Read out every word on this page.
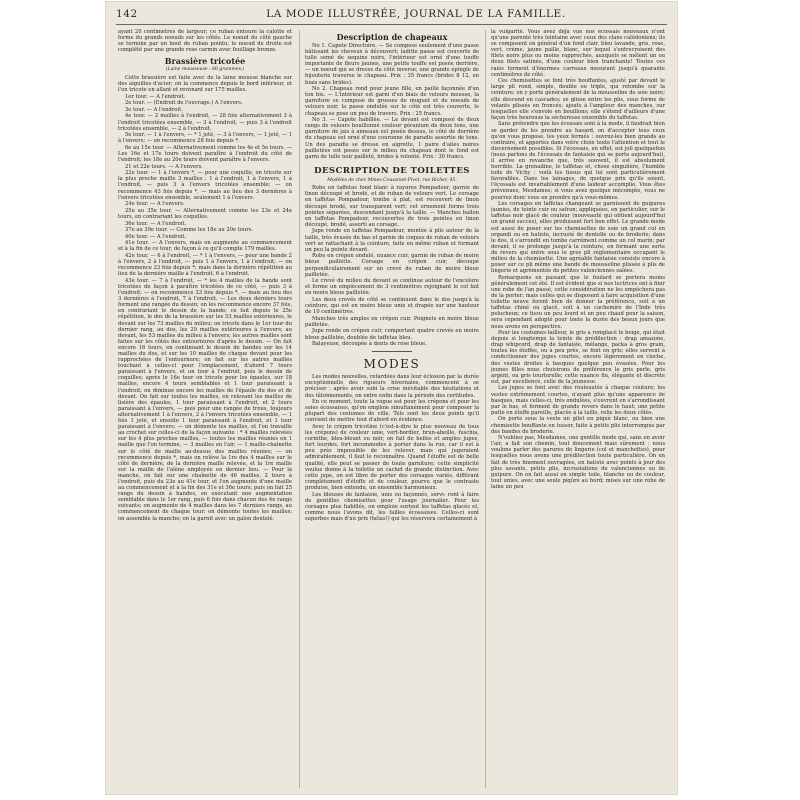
142	LA MODE ILLUSTRÉE, JOURNAL DE LA FAMILLE.

ayant 20 centimètres de largeur; ce ruban entoure la calotte et forme du grands noeuds sur les côtés. Le noeud du côté gauche se termine par un bout de ruban pointu; le noeud de droite est complété par une grande rose carmin avec feuillage bronze.

Brassière tricotée
(Laine mousseuse : 80 grammes.)

Cette brassière est faite avec de la laine mousse blanche sur des aiguilles d'acier; on la commence depuis le bord inférieur, et l'on tricote en allant et revenant sur 175 mailles.

1er tour. — A l'endroit.

2e tour. — (Endroit de l'ouvrage.) A l'envers.

3e tour. — A l'endroit.

4e tour. — 2 mailles à l'endroit, — 28 fois alternativement 3 à l'endroit tricotées ensemble, — 3 à l'endroit, — puis 3 à l'endroit tricotées ensemble, — 2 à l'endroit.

5e tour. — 1 à l'envers, — * 1 jeté, — 3 à l'envers, — 1 jeté, — 1 à l'envers; — on recommence 28 fois depuis *.

6e au 15e tour. — Alternativement comme les 4e et 5e tours. — Les 16e et 17e tours doivent paraître à l'endroit du côté de l'endroit; les 18e au 20e tours doivent paraître à l'envers.

21 et 22e tours. — A l'envers.

22e tour. — 1 à l'envers *, — pour une coquille, on tricote sur la plus proche maille 3 mailles : 1 à l'endroit, 1 à l'envers, 1 à l'endroit, — puis 3 à l'envers tricotées ensemble; — on recommence 43 fois depuis *, — mais au lieu des 3 dernières à l'envers tricotées ensemble, seulement 1 à l'envers.

24e tour. — A l'envers.

25e au 35e tour. — Alternativement comme les 23e et 24e tours, en contrariant les coquilles.

36e tour. — A l'endroit.

37e au 39e tour. — Comme les 18e au 20e tours.

40e tour. — A l'endroit.

41e tour. — A l'envers, mais on augmente au commencement et à la fin de ce tour, de façon à ce qu'il compte 179 mailles.

42e tour. — 6 à l'endroit, — * 1 à l'envers, — pour une bande 2 à l'envers, 2 à l'endroit, — puis 1 à l'envers, 1 à l'endroit; — on recommence 23 fois depuis *; mais dans la dernière répétition au lieu de la dernière maille à l'endroit, 6 à l'endroit.

43e tour. — 7 à l'endroit, — * les 4 mailles de la bande sont tricotées de façon à paraître tricotées de ce côté, — puis 3 à l'endroit; — on recommence 23 fois depuis *, — mais au lieu des 3 dernières à l'endroit, 7 à l'endroit. — Les deux derniers tours forment une rangée du dessin; on les recommence encore 37 fois, en contrariant le dessin de la bande; ce fait depuis le 25e répétition, le dos de la brassière sur les 53 mailles extérieures, le devant sur les 73 mailles du milieu; on tricote dans le 1er tour du dernier rang, au dos, les 29 mailles extérieures à l'envers; au devant, les 53 mailles du milieu à l'envers; les autres mailles sont faites sur les côtés des entournures d'après le dessin. — On fait encore 16 tours, en continuant le dessin de bandes sur les 14 mailles du dos, et sur les 10 mailles de chaque devant pour les rapprochées de l'entournure; on fait sur les autres mailles touchant à celles-ci pour l'emplacement, d'abord 7 tours paraissant à l'envers, et un tour à l'endroit, puis le dessin de coquilles; après le 16e tour on tricote pour les épaules, sur 18 mailles, encore 4 tours semblables et 1 tour paraissant à l'endroit; on diminue encore les mailles de l'épaule du dos et de devant. On fait sur toutes les mailles, en relevant les mailles de lisière des épaules, 1 tour paraissant à l'endroit, et 2 tours paraissant à l'envers, — puis pour une rangée de trous, toujours alternativement 1 à l'envers, 2 à l'envers tricotées ensemble, — 1 fois 1 jeté, et ensuite 1 tour paraissant à l'endroit, et 1 tour paraissant à l'envers; — on démonte les mailles, et l'on travaille au crochet sur celles-ci de la façon suivante : * 4 mailles relevées sur les 4 plus proches mailles, — toutes les mailles réunies en 1 maille que l'on termine, — 3 mailles en l'air, — 1 maille-chaînette sur le côté de maille au-dessus des mailles réunies; — on recommence depuis *, mais on relève la 1re des 4 mailles sur le côté de dernière, de la dernière maille relevée, et la 1re maille sur la maille de l'alène employée en dernier lieu. — Pour la manche, on fait sur une chaînette de 46 mailles, 2 tours à l'endroit, puis du 23e au 41e tour, et l'on augmente d'une maille au commencement et à la fin des 31e et 36e tours; puis on fait 25 rangs du dessin à bandes, en exécutant une augmentation semblable dans le 1er rang, puis 6 fois dans chacun des 4e rangs suivants; on augmente de 4 mailles dans les 7 derniers rangs, au commencement de chaque tour; on démonte toutes les mailles; on assemble la manche; on la garnit avec un galon dentelé.

Description de chapeaux

No 1. Capote Directoire. — Se compose seulement d'une passe bâtissant les cheveux à découvert; laditte passe est couverte de tulle semé de sequins noirs, l'intérieur est orné d'une touffe importante de fleurs jaunes, une petite touffe est posée derrière, — un noeud qui se dresse du côté inverse; une grande épingle de bijouterie traverse le chapeau. Prix : 35 francs (brides 8 12, en biais sans brides).

No 2. Chapeau rond pour jeune fille, en paille façonnée d'un ton bis. — L'intérieur est garni d'un biais de velours mousse, la garniture se compose de grosses de muguet et de noeuds de velours noir, la passe ondulée sur le côté est très couverte, le chapeau se pose un peu de travers. Prix : 25 francs.

No 3. — Capote habillée. — Le devant est composé de deux rangs de velours bouillonné couleur géranium de deux tons, une garniture de jais à anneaux est posée dessus, le côté de derrière du chapeau est orné d'une couronne de paradis assortie de tons. Un des paradis se dresse en aigrette, 1 paire d'ailes noires pailletées est posée sur le milieu du chapeau dont le fond est garni de tulle noir pailleté, brides à volonté. Prix : 30 francs.

DESCRIPTION DE TOILETTES
Modèles de chez Mmes Coussinet-Pivot, rue Richer, 45.

Robe en taffetas fond blanc à rayures Pompadour, garnie de linon découpé et brodé, et de ruban de velours vert. Le corsage en taffetas Pompadour, tombe à plat, est recouvert de linon découpé brodé, sur transparent vert; cet ornement forme trois pointes séparées, descendant jusqu'à la taille. — Manches ballon en taffetas Pompadour, recouvertes de trois pointes en linon découpé, brodé, assorti au corsage.

Jupe ronde en taffetas Pompadour, montée à plis autour de la taille, très évasée du bas et garnie de coques de ruban de velours vert se rattachant à la ceinture, faite en même ruban et formant un peu la pointe devant.

Robe en crépon ondulé, nuance cuir, garnie de ruban de moire bleue paillette. Corsage en crépon cuir, découpé perpendiculairement sur un crevé de ruban de moire bleue pailletée.

Le crevé du milieu du devant se continue autour de l'encolure et forme un empiècement de 3 centimètres rejoignant le col fait en moire bleue pailletée.

Les deux crevés de côté se continuent dans le dos jusqu'à la ceinture, qui est en moire bleue unie et drapée sur une hauteur de 10 centimètres.

Manches très amples en crépon cuir. Poignets en moire bleue pailletée.

Jupe ronde en crépon cuir, comportant quatre crevés en moire bleue pailletée, doublée de taffetas bleu.

Balayeuse, découpée à dents de rose bleue.

MODES

Les modes nouvelles, retardées dans leur éclosion par la durée exceptionnelle des rigueurs hivernales, commencent à se préciser : après avoir subi la crise inévitable des hésitations et des tâtonnements, on entre enfin dans la période des certitudes.

En ce moment, toute la vogue est pour les crépons et pour les soies écossaises, qu'on emploie simultanément pour composer la plupart des costumes de ville. Tels sont les deux points qu'il convient de mettre tout d'abord en évidence.

Avec le crépon tricotine (c'est-à-dire le plus nouveau de tous les crépons) de couleur unie, vert-bordier, brun-abeille, fuschia, corinthe, bleu-bleuet ou noir, on fait de belles et amples jupes, fort lourdes, fort incommodes à porter dans la rue, car il est à peu près impossible de les relever, mais qui jugeraient admirablement, il faut le reconnaître. Quand l'étoffe est de belle qualité, elle peut se passer de toute garniture; cette simplicité voulue donne à la toilette un cachet de grande distinction. Avec cette jupe, on est libre de porter des corsages variés, différant complètement d'étoffe et de couleur, pourvu que le contraste produise, bien entendu, un ensemble harmonieux.

Les blouses de fantaisie, unis ou façonnés, servi- ront à faire de gentilles chemisettes pour l'usage journalier. Pour les corsages plus habillés, on emploie surtout les taffetas glacés et, comme nous l'avons dit, les failles écossaises. Celles-ci sont superbes mais d'un prix (hélas!) qui les réservera certainement à

la vulgarité. Vous avez déjà vue nos écossais nouveaux n'ont qu'une parenté très lointaine avec ceux des clans calédoniens; ils se composent en général d'un fond clair, bleu lavande, gris, rose, vert, crème, jaune paille, blanc, sur lequel s'entrecroisent des filets noirs plus ou moins rapprochés, auxquels se mêlent un ou deux filets satinés, d'une couleur bien tranchante! Toutes ces raies forment d'énormes carreaux mesurant jusqu'à quarante centimètres de côté.

Ces chemisettes se font très bouffantes, ajusté par devant le large pli rond, simple, double ou triple, qui retombe sur la ceinture; on y porte généralement de la mousseline de soie noire; elle descend en cascades; se glisse entre les plis, sous forme de volants plissés en froncés; ajouts à l'ampleur des manches, sur lesquelles elle s'envole en bouillons; elle s'étend d'ailleurs d'une façon très heureuse la sécheresse ensemble du taffetas.

Sans prétendre que les écossais sont à la mode, il faudrait bien se garder de les prendre au hasard, on d'accepter tous ceux qu'on vous propose, les yeux fermés : ouvrez-les bien grands au contraire, et apportez dans votre choix toute l'attention et tout le discernement possibles. Si l'écossais, en effet, est joli quelquefois (nous parlons de l'écossais de fantaisie qui se porte aujourd'hui), il arrive en revanche que, très souvent, il est absolument horrible. La grenadine, le taffetas et, chose singulière, l'humble toile de Vichy : voilà les tissus qui lui sont particulièrement favorables. Dans les lainages, de quelque prix qu'ils soient, l'écossais est invariablement d'une laideur accomplie. Vous êtes prévenues, Mesdames; si vous avez quelque mécompte, vous ne pourrez donc vous en prendre qu'à vous-mêmes.

Les corsages en taffetas changeant se garnissent de guipures jaunies, de teinte cuir ou safran; appliquées, en particulier, sur le taffetas noir glacé de couleur (nouveauté qui obtient aujourd'hui un grand succès), elles produisent fort bon effet. Le grande mode est aussi de poser sur les chemisettes de soie un grand col en organdi ou en batiste, incrusté de dentelle ou de broderie; dans le dos, il s'arrondit en tombe carrément comme un col marin; par devant, il se prolonge jusqu'à la ceinture, en formant une sorte de revers qui entre sous le gros pli réglementaire occupant le milieu de la chemisette. Une agréable fantaisie consiste encore à poser sur ce pli même une bande de mousseline plissée à plis de lingerie et agrémentée de petites valenciennes salées.

Remarquons en passant que le foulard se portera moins généralement cet été. Il est évident que si nos lectrices ont à finir une robe de l'an passé, cette considération ne les empêchera pas de la porter; mais celles qui se disposent à faire acquisition d'une toilette neuve feront bien de donner la préférence, soit à un taffetas chiné ou glacé, soit à un cachemire de l'Inde très pelucheux; ce tissu un peu lourd et un peu chaud pour la saison, sera cependant adopté pour toute la durée des beaux jours que nous avons en perspective.

Pour les costumes-tailleur, le gris a remplacé le beige, qui était depuis si longtemps la teinte de prédilection : drap amazone, drap whipcord, drap de fantaisie, mélange, packa à gros grain, toutes les étoffes, ou à peu près, se font en gris; elles servent à confectionner des jupes courtes, encore légèrement en cloche, des vestes droites à basques quelque peu évasées. Pour les jeunes filles nous choisirons de préférence le gris perle, gris argent, ou gris tourterelle; cette nuance fin, élégante et discrète est, par excellence, celle de la jeunesse.

Les jupes se font avec des rouleautés à chaque couture; les vestes extrêmement courtes, n'ayant plus qu'une apparence de basques, mais celles-ci, très ondulées, s'ouvrent en s'arrondissant par le bas, et forment de grands revers dans le haut; une petite patte en étoffe pareille, placée à la taille, relie les deux côtés.

On porte sous la veste un gilet en piqué blanc, ou bien une chemisette bouffante en tussor, faite à petits plis interrompus par des bandes de broderie.

N'oubliez pas, Mesdames, une gentille mode qui, sans en avoir l'air, a fait son chemin, tout doucement mais sûrement : nous voulons parler des parures de lingerie (col et manchettes), pour lesquelles nous avons une prédilection toute particulière. On en fait de très finement ouvragées, en batiste avec points à jour des plus savants, petits plis, incrustations de valenciennes ou de guipure. On en fait aussi en simple toile, blanche ou de couleur, tout unies, avec une seule piqûre au bord; mises sur une robe de laine un peu
